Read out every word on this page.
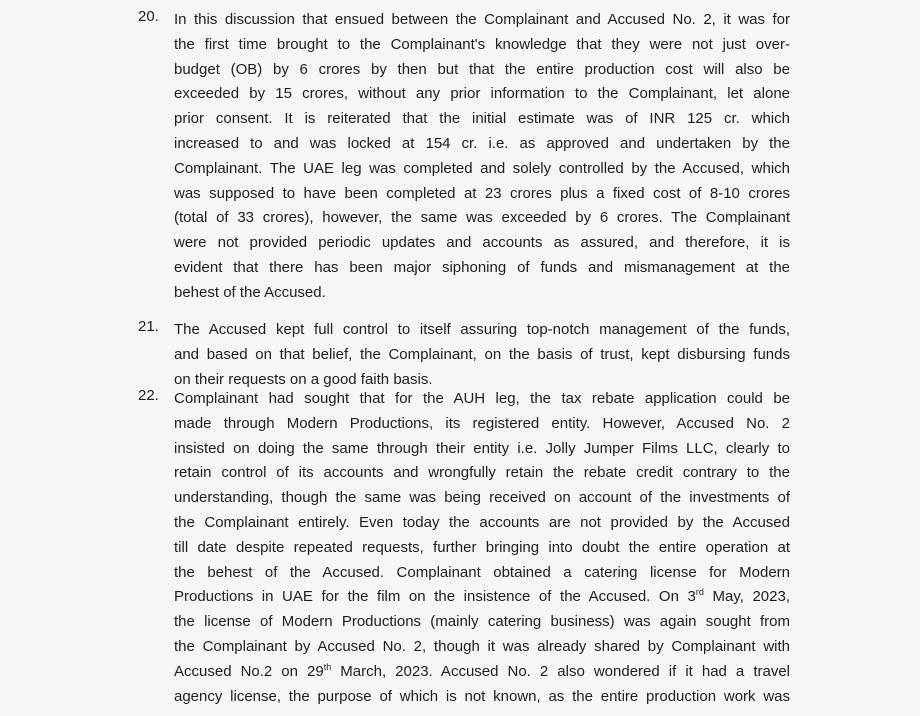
20.	In this discussion that ensued between the Complainant and Accused No. 2, it was for
the first time brought to the Complainant's knowledge that they were not just over-
budget (OB) by 6 crores by then but that the entire production cost will also be
exceeded by 15 crores, without any prior information to the Complainant, let alone
prior consent. It is reiterated that the initial estimate was of INR 125 cr. which
increased to and was locked at 154 cr. i.e. as approved and undertaken by the
Complainant. The UAE leg was completed and solely controlled by the Accused, which
was supposed to have been completed at 23 crores plus a fixed cost of 8-10 crores
(total of 33 crores), however, the same was exceeded by 6 crores. The Complainant
were not provided periodic updates and accounts as assured, and therefore, it is
evident that there has been major siphoning of funds and mismanagement at the
behest of the Accused.
21.	The Accused kept full control to itself assuring top-notch management of the funds,
and based on that belief, the Complainant, on the basis of trust, kept disbursing funds
on their requests on a good faith basis.
22.	Complainant had sought that for the AUH leg, the tax rebate application could be
made through Modern Productions, its registered entity. However, Accused No. 2
insisted on doing the same through their entity i.e. Jolly Jumper Films LLC, clearly to
retain control of its accounts and wrongfully retain the rebate credit contrary to the
understanding, though the same was being received on account of the investments of
the Complainant entirely. Even today the accounts are not provided by the Accused
till date despite repeated requests, further bringing into doubt the entire operation at
the behest of the Accused. Complainant obtained a catering license for Modern
Productions in UAE for the film on the insistence of the Accused. On 3rd May, 2023,
the license of Modern Productions (mainly catering business) was again sought from
the Complainant by Accused No. 2, though it was already shared by Complainant with
Accused No.2 on 29th March, 2023. Accused No. 2 also wondered if it had a travel
agency license, the purpose of which is not known, as the entire production work was
